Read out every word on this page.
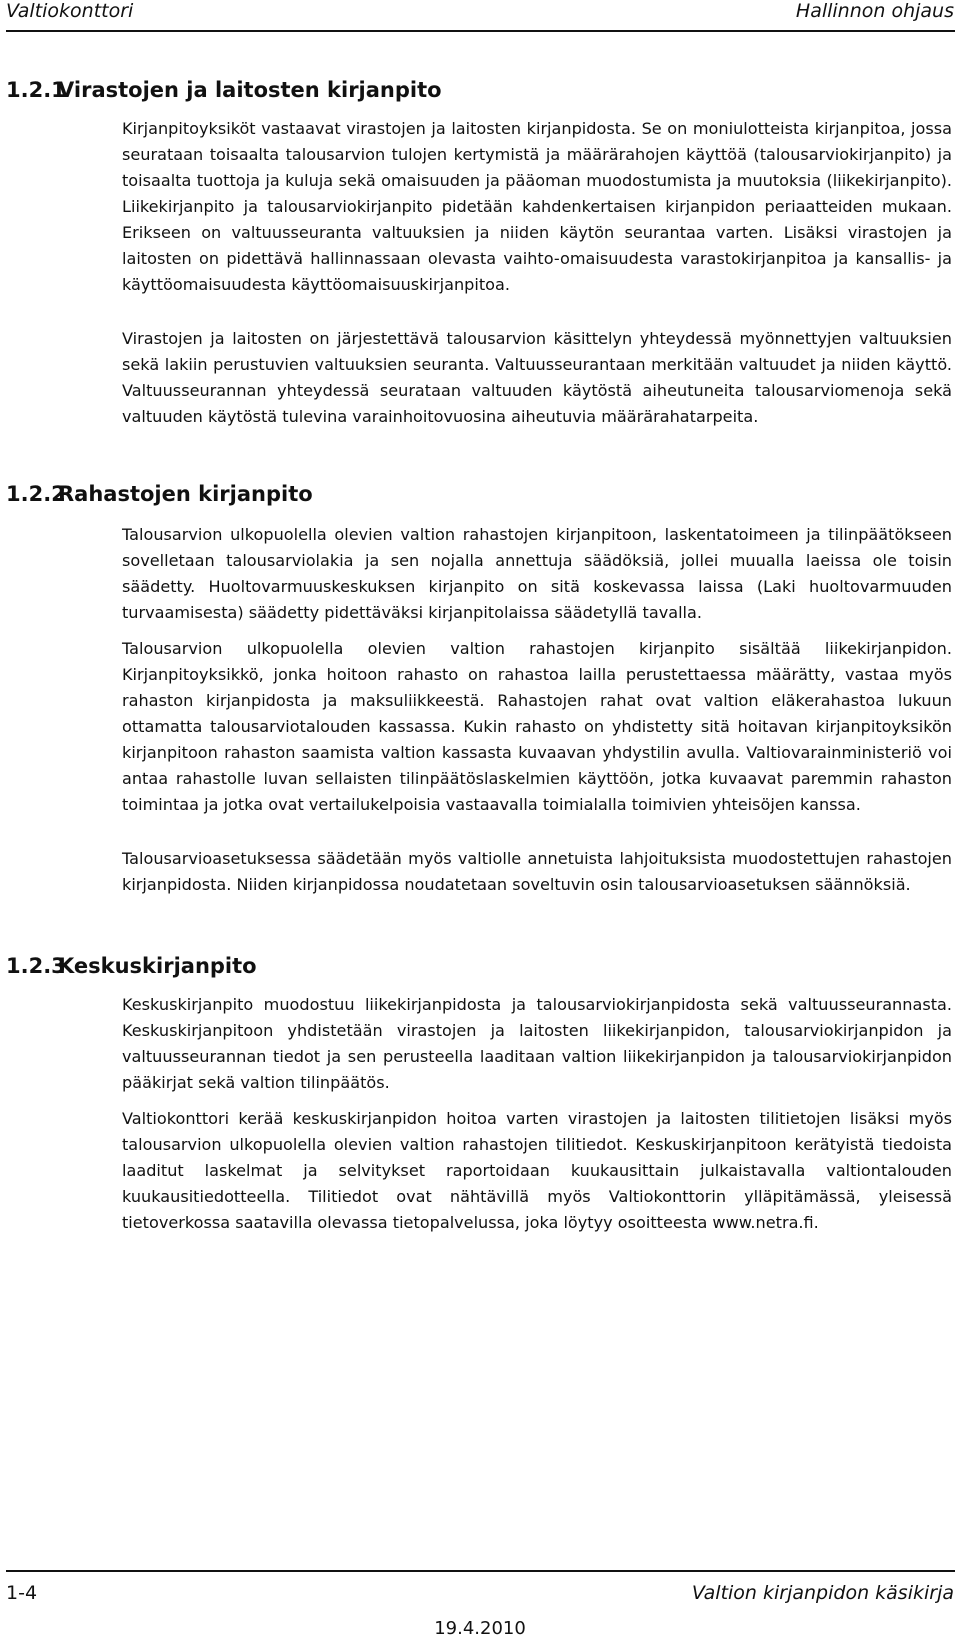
Valtiokonttori	Hallinnon ohjaus
1.2.1Virastojen ja laitosten kirjanpito

Kirjanpitoyksiköt vastaavat virastojen ja laitosten kirjanpidosta. Se on moniulotteista kirjanpitoa, jossa seurataan toisaalta talousarvion tulojen kertymistä ja määrärahojen käyttöä (talousarviokirjanpito) ja toisaalta tuottoja ja kuluja sekä omaisuuden ja pääoman muodostumista ja muutoksia (liikekirjanpito). Liikekirjanpito ja talousarviokirjanpito pidetään kahdenkertaisen kirjanpidon periaatteiden mukaan. Erikseen on valtuusseuranta valtuuksien ja niiden käytön seurantaa varten. Lisäksi virastojen ja laitosten on pidettävä hallinnassaan olevasta vaihto-omaisuudesta varastokirjanpitoa ja kansallis- ja käyttöomaisuudesta käyttöomaisuuskirjanpitoa.

Virastojen ja laitosten on järjestettävä talousarvion käsittelyn yhteydessä myönnettyjen valtuuksien sekä lakiin perustuvien valtuuksien seuranta. Valtuusseurantaan merkitään valtuudet ja niiden käyttö. Valtuusseurannan yhteydessä seurataan valtuuden käytöstä aiheutuneita talousarviomenoja sekä valtuuden käytöstä tulevina varainhoitovuosina aiheutuvia määrärahatarpeita.

1.2.2Rahastojen kirjanpito

Talousarvion ulkopuolella olevien valtion rahastojen kirjanpitoon, laskentatoimeen ja tilinpäätökseen sovelletaan talousarviolakia ja sen nojalla annettuja säädöksiä, jollei muualla laeissa ole toisin säädetty. Huoltovarmuuskeskuksen kirjanpito on sitä koskevassa laissa (Laki huoltovarmuuden turvaamisesta) säädetty pidettäväksi kirjanpitolaissa säädetyllä tavalla.

Talousarvion ulkopuolella olevien valtion rahastojen kirjanpito sisältää liikekirjanpidon. Kirjanpitoyksikkö, jonka hoitoon rahasto on rahastoa lailla perustettaessa määrätty, vastaa myös rahaston kirjanpidosta ja maksuliikkeestä. Rahastojen rahat ovat valtion eläkerahastoa lukuun ottamatta talousarviotalouden kassassa. Kukin rahasto on yhdistetty sitä hoitavan kirjanpitoyksikön kirjanpitoon rahaston saamista valtion kassasta kuvaavan yhdystilin avulla. Valtiovarainministeriö voi antaa rahastolle luvan sellaisten tilinpäätöslaskelmien käyttöön, jotka kuvaavat paremmin rahaston toimintaa ja jotka ovat vertailukelpoisia vastaavalla toimialalla toimivien yhteisöjen kanssa.

Talousarvioasetuksessa säädetään myös valtiolle annetuista lahjoituksista muodostettujen rahastojen kirjanpidosta. Niiden kirjanpidossa noudatetaan soveltuvin osin talousarvioasetuksen säännöksiä.

1.2.3Keskuskirjanpito

Keskuskirjanpito muodostuu liikekirjanpidosta ja talousarviokirjanpidosta sekä valtuusseurannasta. Keskuskirjanpitoon yhdistetään virastojen ja laitosten liikekirjanpidon, talousarviokirjanpidon ja valtuusseurannan tiedot ja sen perusteella laaditaan valtion liikekirjanpidon ja talousarviokirjanpidon pääkirjat sekä valtion tilinpäätös.

Valtiokonttori kerää keskuskirjanpidon hoitoa varten virastojen ja laitosten tilitietojen lisäksi myös talousarvion ulkopuolella olevien valtion rahastojen tilitiedot. Keskuskirjanpitoon kerätyistä tiedoista laaditut laskelmat ja selvitykset raportoidaan kuukausittain julkaistavalla valtiontalouden kuukausitiedotteella. Tilitiedot ovat nähtävillä myös Valtiokonttorin ylläpitämässä, yleisessä tietoverkossa saatavilla olevassa tietopalvelussa, joka löytyy osoitteesta www.netra.fi.

1-4	Valtion kirjanpidon käsikirja
19.4.2010
